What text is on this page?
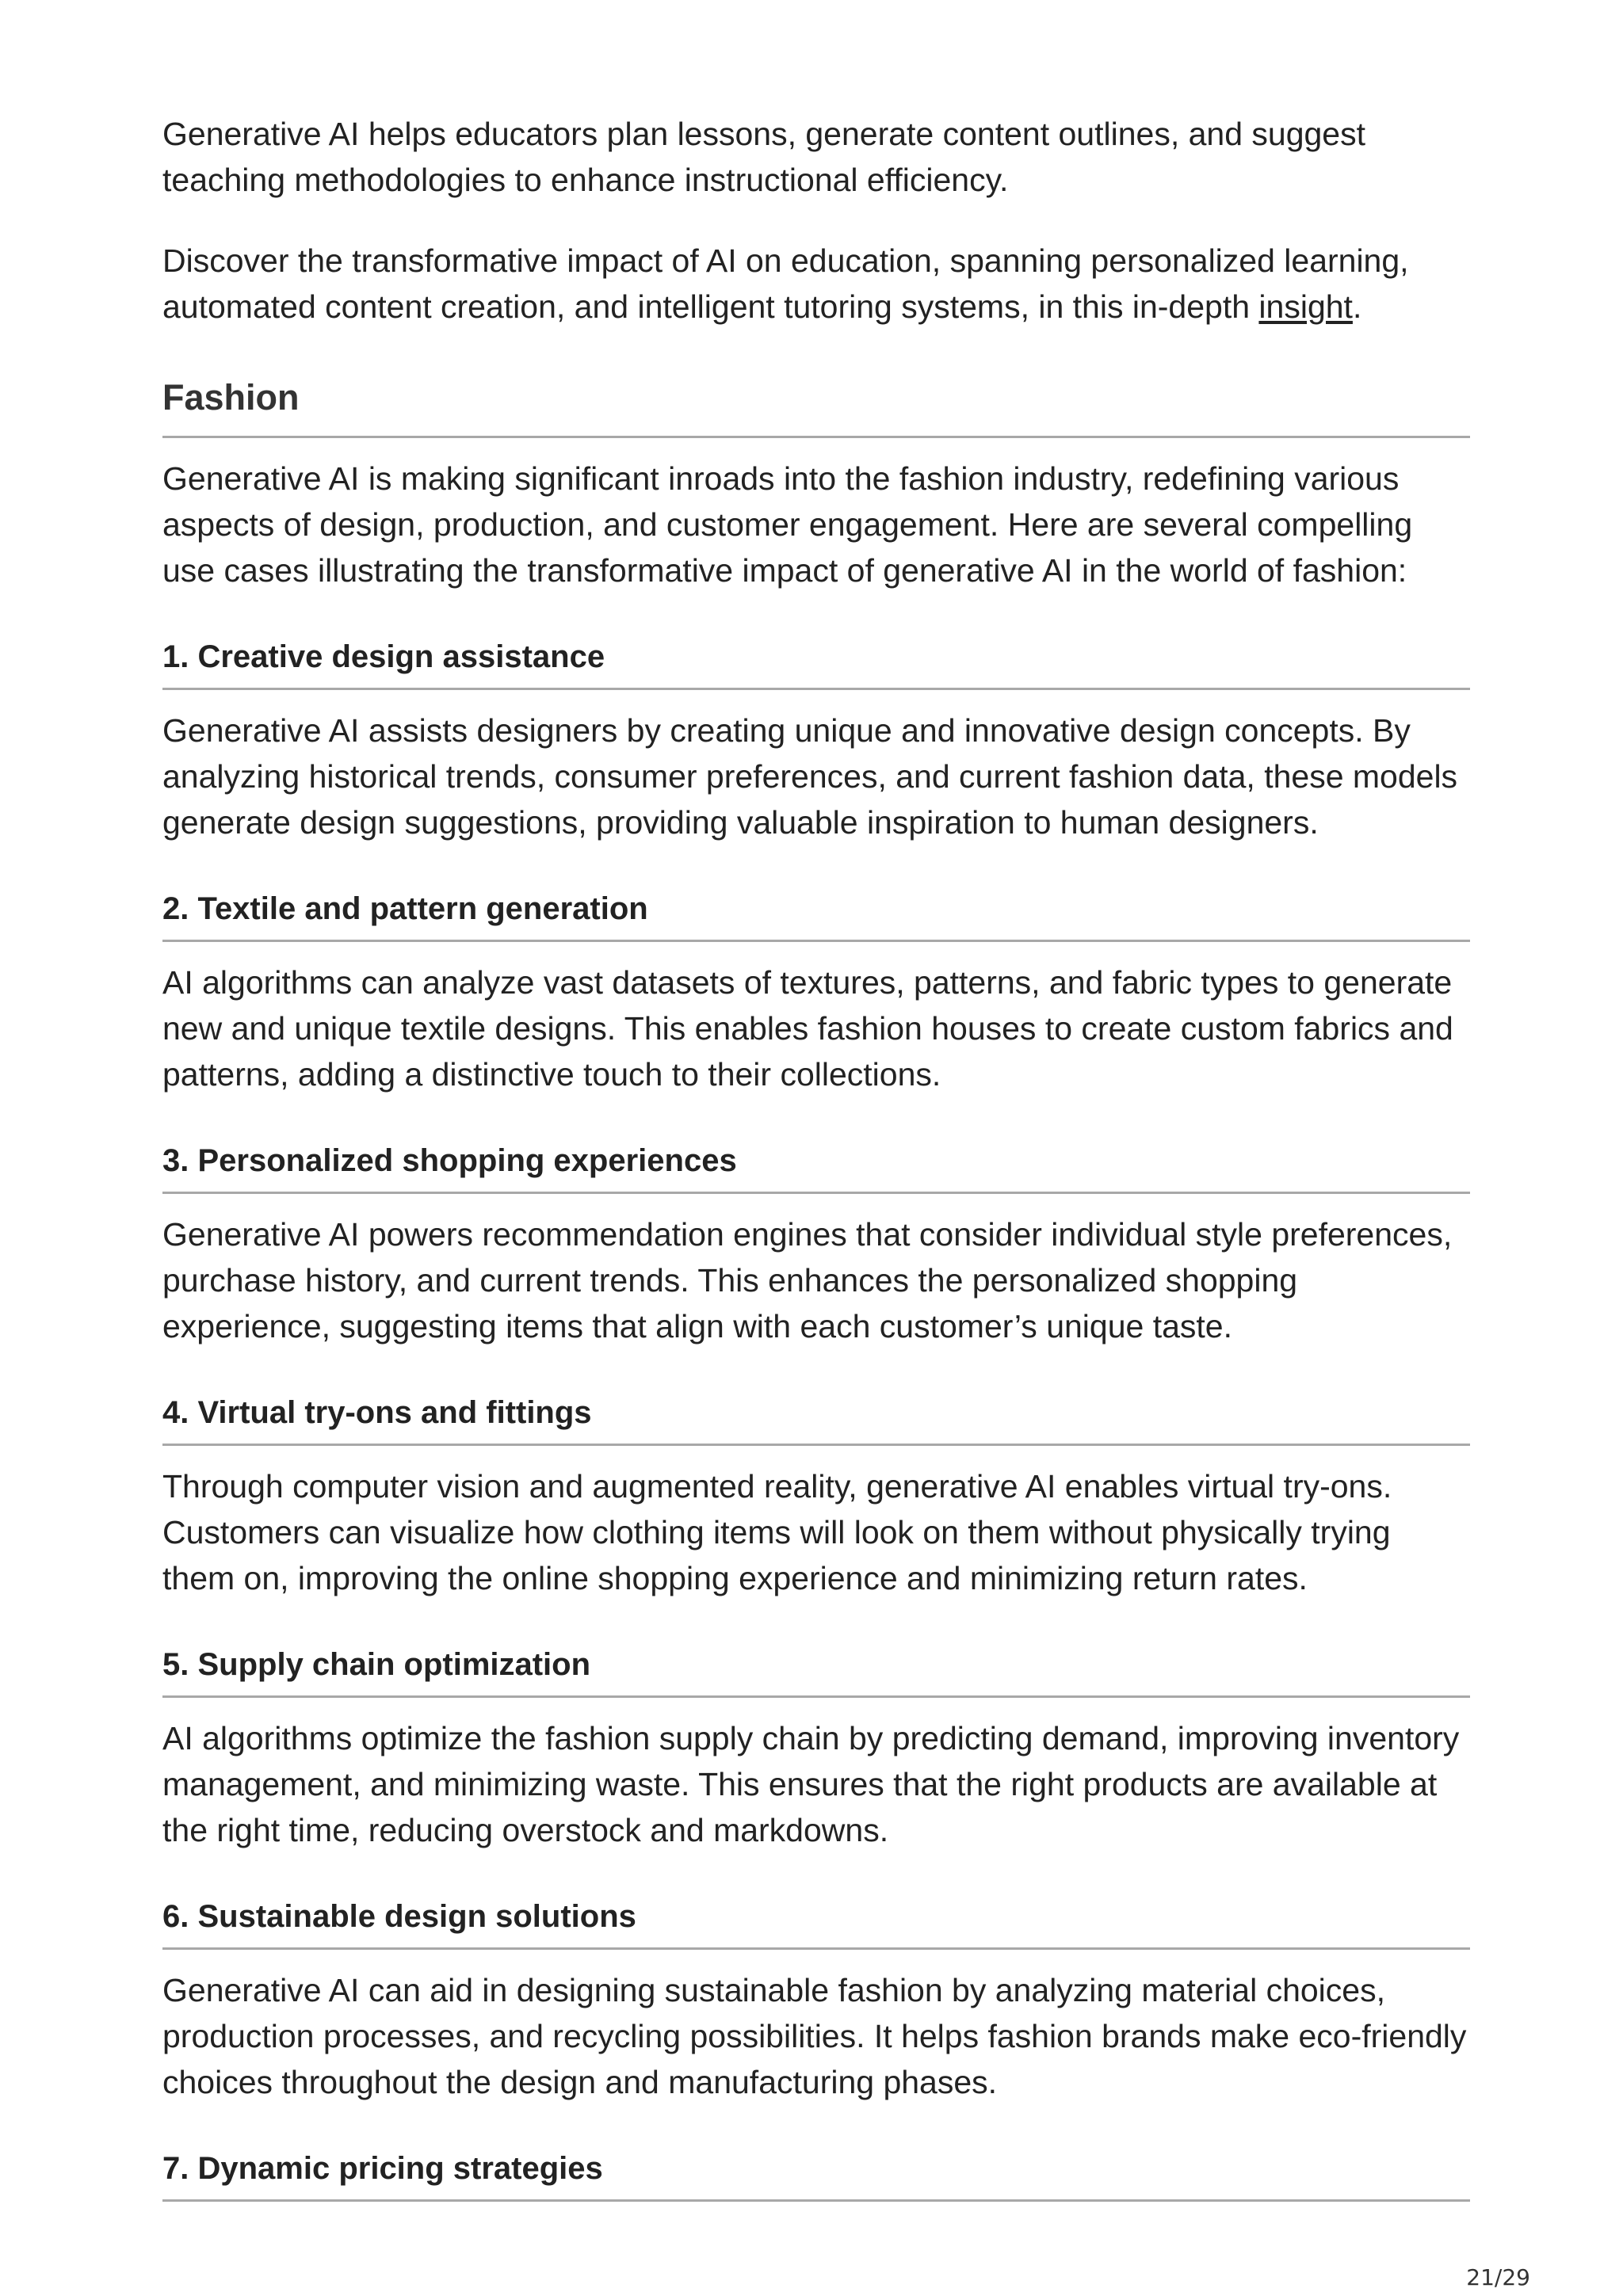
Generative AI helps educators plan lessons, generate content outlines, and suggest teaching methodologies to enhance instructional efficiency.

Discover the transformative impact of AI on education, spanning personalized learning, automated content creation, and intelligent tutoring systems, in this in-depth insight.

Fashion

Generative AI is making significant inroads into the fashion industry, redefining various aspects of design, production, and customer engagement. Here are several compelling use cases illustrating the transformative impact of generative AI in the world of fashion:

1. Creative design assistance

Generative AI assists designers by creating unique and innovative design concepts. By analyzing historical trends, consumer preferences, and current fashion data, these models generate design suggestions, providing valuable inspiration to human designers.

2. Textile and pattern generation

AI algorithms can analyze vast datasets of textures, patterns, and fabric types to generate new and unique textile designs. This enables fashion houses to create custom fabrics and patterns, adding a distinctive touch to their collections.

3. Personalized shopping experiences

Generative AI powers recommendation engines that consider individual style preferences, purchase history, and current trends. This enhances the personalized shopping experience, suggesting items that align with each customer’s unique taste.

4. Virtual try-ons and fittings

Through computer vision and augmented reality, generative AI enables virtual try-ons. Customers can visualize how clothing items will look on them without physically trying them on, improving the online shopping experience and minimizing return rates.

5. Supply chain optimization

AI algorithms optimize the fashion supply chain by predicting demand, improving inventory management, and minimizing waste. This ensures that the right products are available at the right time, reducing overstock and markdowns.

6. Sustainable design solutions

Generative AI can aid in designing sustainable fashion by analyzing material choices, production processes, and recycling possibilities. It helps fashion brands make eco-friendly choices throughout the design and manufacturing phases.

7. Dynamic pricing strategies
21/29
